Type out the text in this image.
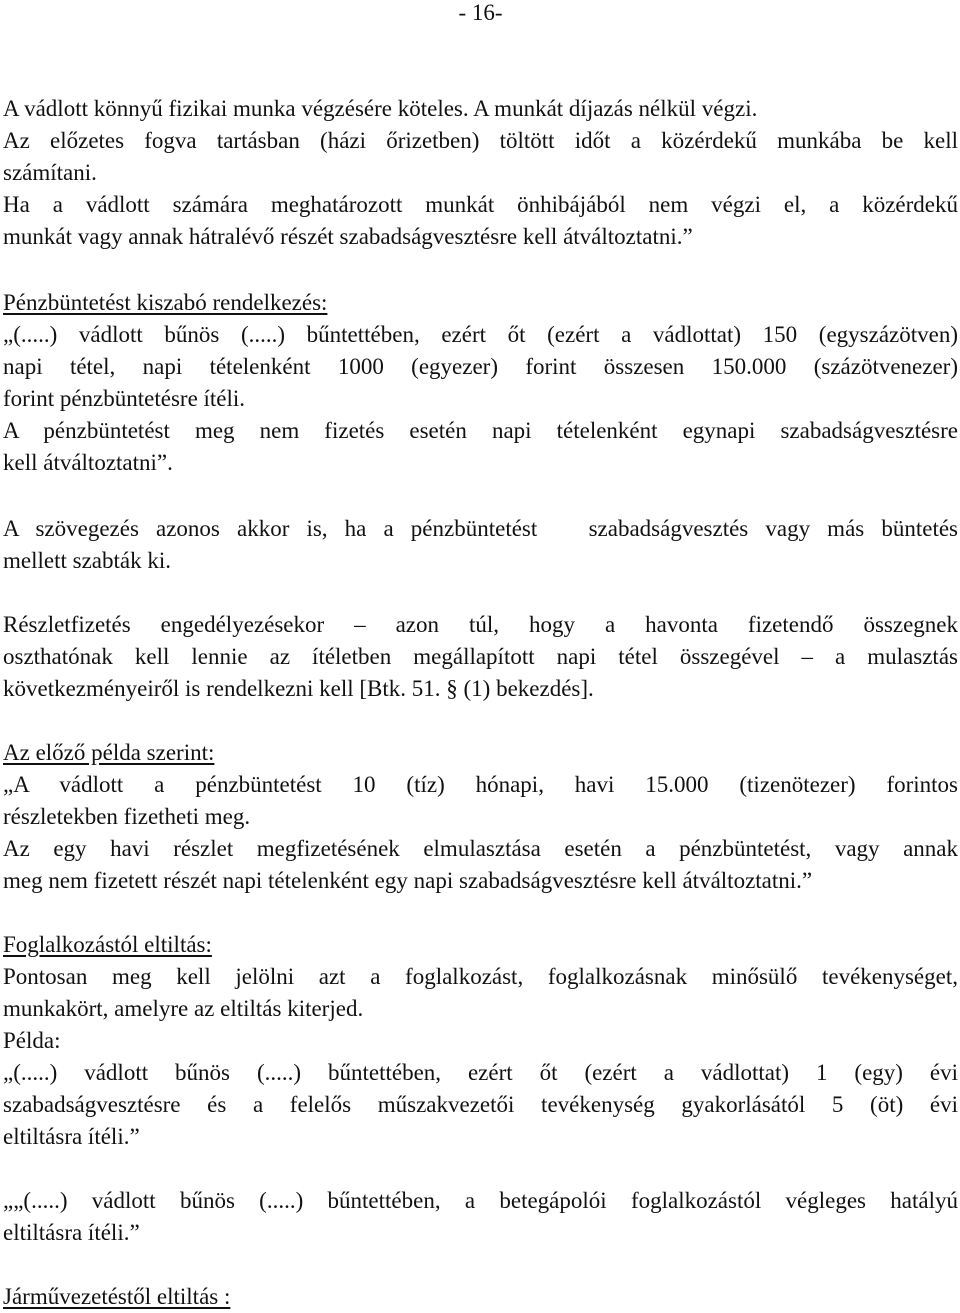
- 16-
A vádlott könnyű fizikai munka végzésére köteles. A munkát díjazás nélkül végzi.
Az előzetes fogva tartásban (házi őrizetben) töltött időt a közérdekű munkába be kell
számítani.
Ha a vádlott számára meghatározott munkát önhibájából nem végzi el, a közérdekű
munkát vagy annak hátralévő részét szabadságvesztésre kell átváltoztatni.”
Pénzbüntetést kiszabó rendelkezés:
„(.....) vádlott bűnös (.....) bűntettében, ezért őt (ezért a vádlottat) 150 (egyszázötven)
napi tétel, napi tételenként 1000 (egyezer) forint összesen 150.000 (százötvenezer)
forint pénzbüntetésre ítéli.
A pénzbüntetést meg nem fizetés esetén napi tételenként egynapi szabadságvesztésre
kell átváltoztatni”.
A szövegezés azonos akkor is, ha a pénzbüntetést   szabadságvesztés vagy más büntetés
mellett szabták ki.
Részletfizetés engedélyezésekor – azon túl, hogy a havonta fizetendő összegnek
oszthatónak kell lennie az ítéletben megállapított napi tétel összegével – a mulasztás
következményeiről is rendelkezni kell [Btk. 51. § (1) bekezdés].
Az előző példa szerint:
„A vádlott a pénzbüntetést 10 (tíz) hónapi, havi 15.000 (tizenötezer) forintos
részletekben fizetheti meg.
Az egy havi részlet megfizetésének elmulasztása esetén a pénzbüntetést, vagy annak
meg nem fizetett részét napi tételenként egy napi szabadságvesztésre kell átváltoztatni.”
Foglalkozástól eltiltás:
Pontosan meg kell jelölni azt a foglalkozást, foglalkozásnak minősülő tevékenységet,
munkakört, amelyre az eltiltás kiterjed.
Példa:
„(.....) vádlott bűnös (.....) bűntettében, ezért őt (ezért a vádlottat) 1 (egy) évi
szabadságvesztésre és a felelős műszakvezetői tevékenység gyakorlásától 5 (öt) évi
eltiltásra ítéli.”
„„(.....) vádlott bűnös (.....) bűntettében, a betegápolói foglalkozástól végleges hatályú
eltiltásra ítéli.”
Járművezetéstől eltiltás :
